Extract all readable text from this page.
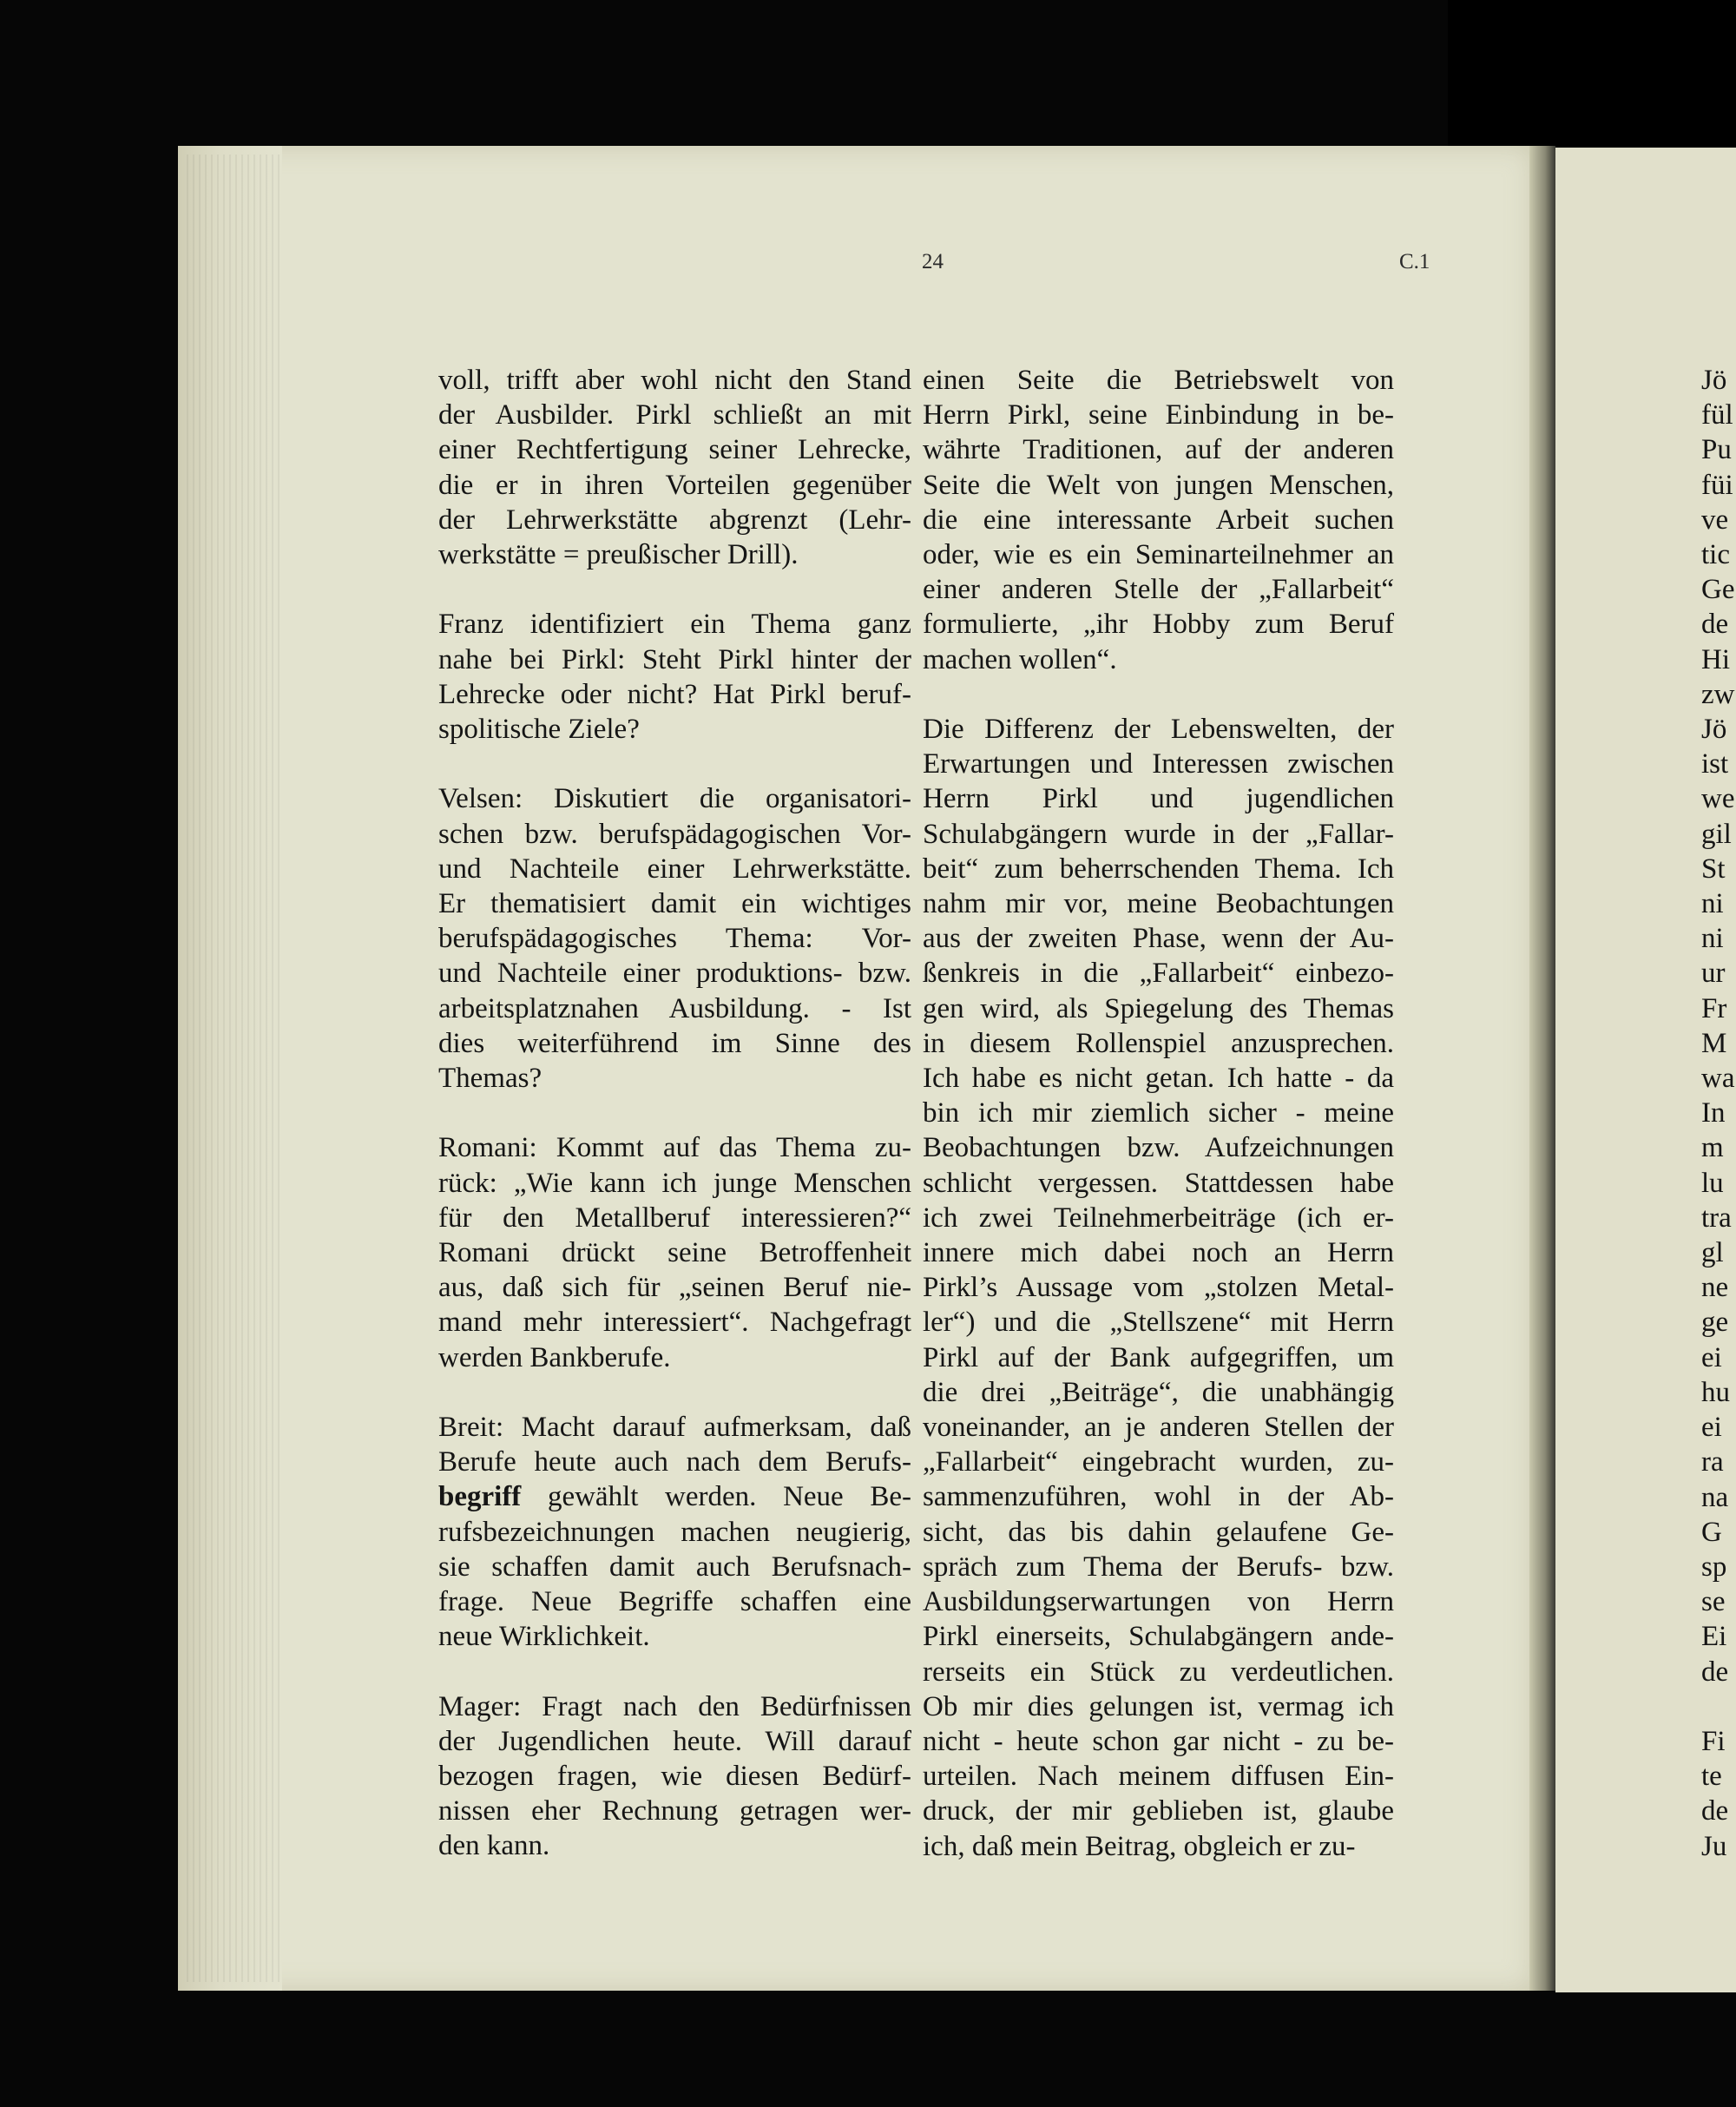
24	C.1
voll, trifft aber wohl nicht den Stand
der Ausbilder. Pirkl schließt an mit
einer Rechtfertigung seiner Lehrecke,
die er in ihren Vorteilen gegenüber
der Lehrwerkstätte abgrenzt (Lehr-
werkstätte = preußischer Drill).
Franz identifiziert ein Thema ganz
nahe bei Pirkl: Steht Pirkl hinter der
Lehrecke oder nicht? Hat Pirkl beruf-
spolitische Ziele?
Velsen: Diskutiert die organisatori-
schen bzw. berufspädagogischen Vor-
und Nachteile einer Lehrwerkstätte.
Er thematisiert damit ein wichtiges
berufspädagogisches Thema: Vor-
und Nachteile einer produktions- bzw.
arbeitsplatznahen Ausbildung. - Ist
dies weiterführend im Sinne des
Themas?
Romani: Kommt auf das Thema zu-
rück: „Wie kann ich junge Menschen
für den Metallberuf interessieren?“
Romani drückt seine Betroffenheit
aus, daß sich für „seinen Beruf nie-
mand mehr interessiert“. Nachgefragt
werden Bankberufe.
Breit: Macht darauf aufmerksam, daß
Berufe heute auch nach dem Berufs-
begriff gewählt werden. Neue Be-
rufsbezeichnungen machen neugierig,
sie schaffen damit auch Berufsnach-
frage. Neue Begriffe schaffen eine
neue Wirklichkeit.
Mager: Fragt nach den Bedürfnissen
der Jugendlichen heute. Will darauf
bezogen fragen, wie diesen Bedürf-
nissen eher Rechnung getragen wer-
den kann.
einen Seite die Betriebswelt von
Herrn Pirkl, seine Einbindung in be-
währte Traditionen, auf der anderen
Seite die Welt von jungen Menschen,
die eine interessante Arbeit suchen
oder, wie es ein Seminarteilnehmer an
einer anderen Stelle der „Fallarbeit“
formulierte, „ihr Hobby zum Beruf
machen wollen“.
Die Differenz der Lebenswelten, der
Erwartungen und Interessen zwischen
Herrn Pirkl und jugendlichen
Schulabgängern wurde in der „Fallar-
beit“ zum beherrschenden Thema. Ich
nahm mir vor, meine Beobachtungen
aus der zweiten Phase, wenn der Au-
ßenkreis in die „Fallarbeit“ einbezo-
gen wird, als Spiegelung des Themas
in diesem Rollenspiel anzusprechen.
Ich habe es nicht getan. Ich hatte - da
bin ich mir ziemlich sicher - meine
Beobachtungen bzw. Aufzeichnungen
schlicht vergessen. Stattdessen habe
ich zwei Teilnehmerbeiträge (ich er-
innere mich dabei noch an Herrn
Pirkl’s Aussage vom „stolzen Metal-
ler“) und die „Stellszene“ mit Herrn
Pirkl auf der Bank aufgegriffen, um
die drei „Beiträge“, die unabhängig
voneinander, an je anderen Stellen der
„Fallarbeit“ eingebracht wurden, zu-
sammenzuführen, wohl in der Ab-
sicht, das bis dahin gelaufene Ge-
spräch zum Thema der Berufs- bzw.
Ausbildungserwartungen von Herrn
Pirkl einerseits, Schulabgängern ande-
rerseits ein Stück zu verdeutlichen.
Ob mir dies gelungen ist, vermag ich
nicht - heute schon gar nicht - zu be-
urteilen. Nach meinem diffusen Ein-
druck, der mir geblieben ist, glaube
ich, daß mein Beitrag, obgleich er zu-
Jö
fül
Pu
füi
ve
tic
Ge
de
Hi
zw
Jö
ist
we
gil
St
ni
ni
ur
Fr
M
wa
In
m
lu
tra
gl
ne
ge
ei
hu
ei
ra
na
G
sp
se
Ei
de

Fi
te
de
Ju
